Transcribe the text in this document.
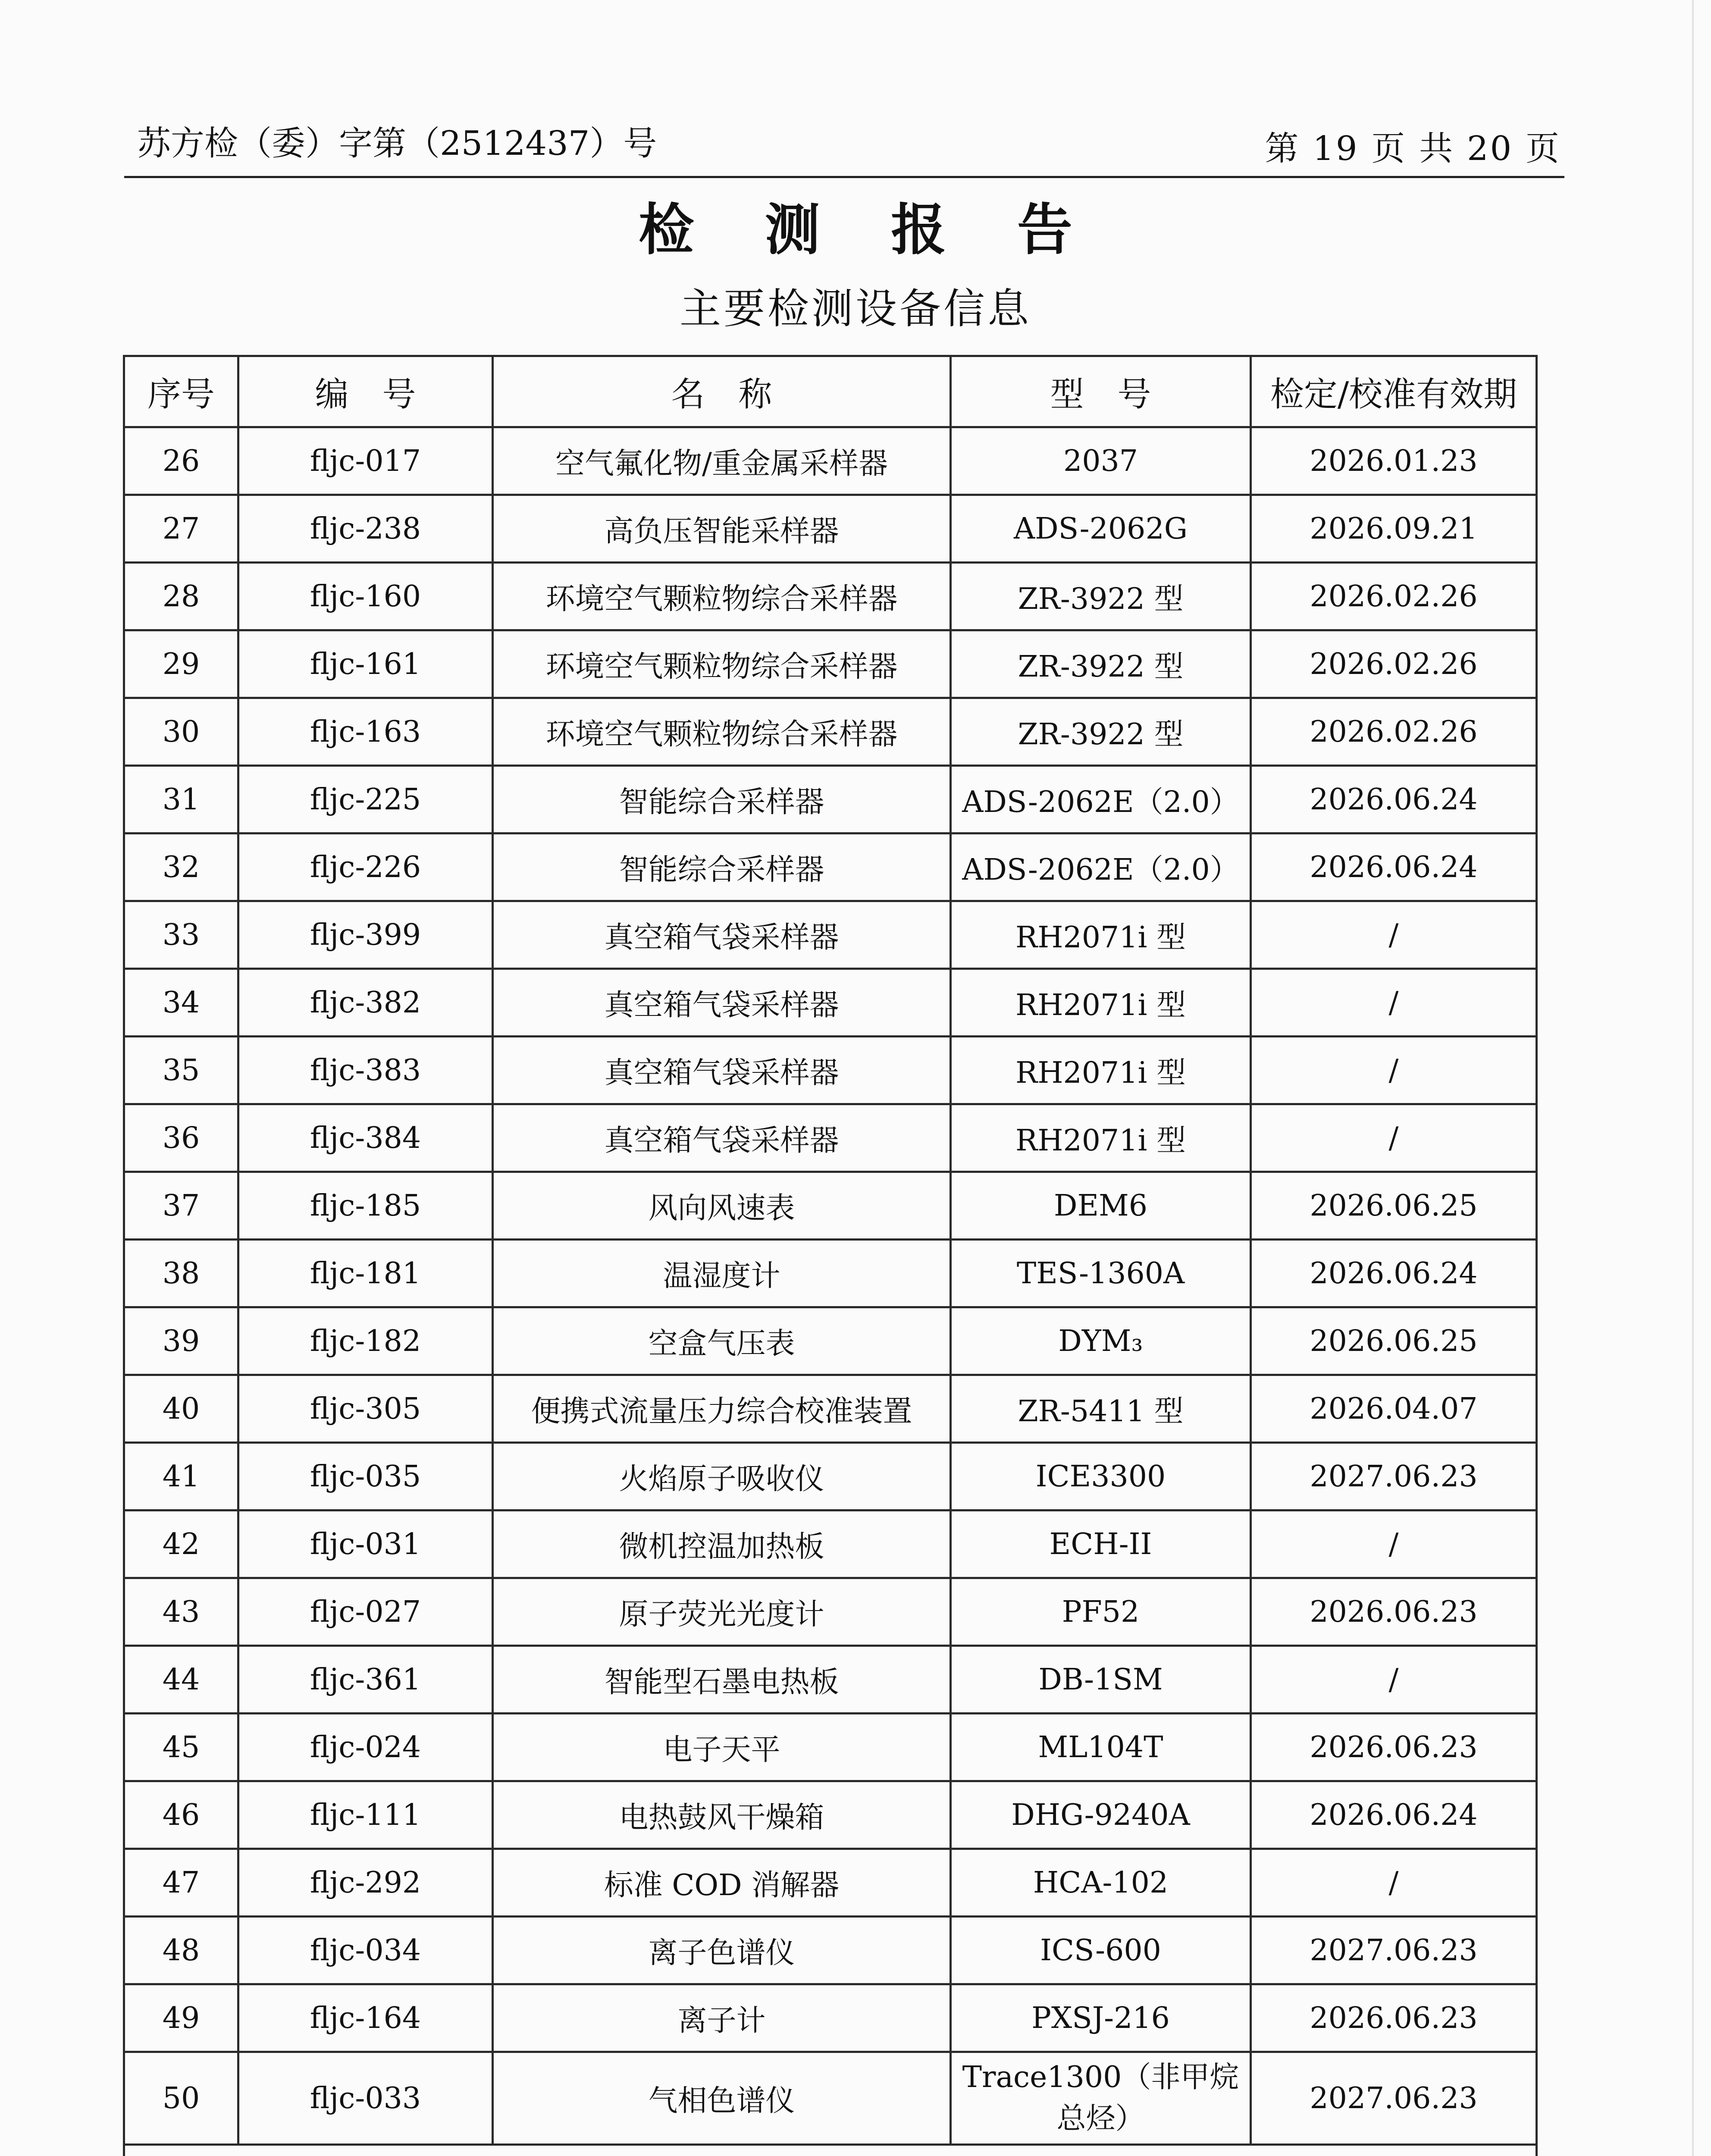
苏方检（委）字第（2512437）号	第 19 页 共 20 页
检 测 报 告
主要检测设备信息
序号	编　号	名　称	型　号	检定/校准有效期
26	fljc-017	空气氟化物/重金属采样器	2037	2026.01.23
27	fljc-238	高负压智能采样器	ADS-2062G	2026.09.21
28	fljc-160	环境空气颗粒物综合采样器	ZR-3922 型	2026.02.26
29	fljc-161	环境空气颗粒物综合采样器	ZR-3922 型	2026.02.26
30	fljc-163	环境空气颗粒物综合采样器	ZR-3922 型	2026.02.26
31	fljc-225	智能综合采样器	ADS-2062E（2.0）	2026.06.24
32	fljc-226	智能综合采样器	ADS-2062E（2.0）	2026.06.24
33	fljc-399	真空箱气袋采样器	RH2071i 型	/
34	fljc-382	真空箱气袋采样器	RH2071i 型	/
35	fljc-383	真空箱气袋采样器	RH2071i 型	/
36	fljc-384	真空箱气袋采样器	RH2071i 型	/
37	fljc-185	风向风速表	DEM6	2026.06.25
38	fljc-181	温湿度计	TES-1360A	2026.06.24
39	fljc-182	空盒气压表	DYM₃	2026.06.25
40	fljc-305	便携式流量压力综合校准装置	ZR-5411 型	2026.04.07
41	fljc-035	火焰原子吸收仪	ICE3300	2027.06.23
42	fljc-031	微机控温加热板	ECH-II	/
43	fljc-027	原子荧光光度计	PF52	2026.06.23
44	fljc-361	智能型石墨电热板	DB-1SM	/
45	fljc-024	电子天平	ML104T	2026.06.23
46	fljc-111	电热鼓风干燥箱	DHG-9240A	2026.06.24
47	fljc-292	标准 COD 消解器	HCA-102	/
48	fljc-034	离子色谱仪	ICS-600	2027.06.23
49	fljc-164	离子计	PXSJ-216	2026.06.23
50	fljc-033	气相色谱仪	Trace1300（非甲烷总烃）	2027.06.23
